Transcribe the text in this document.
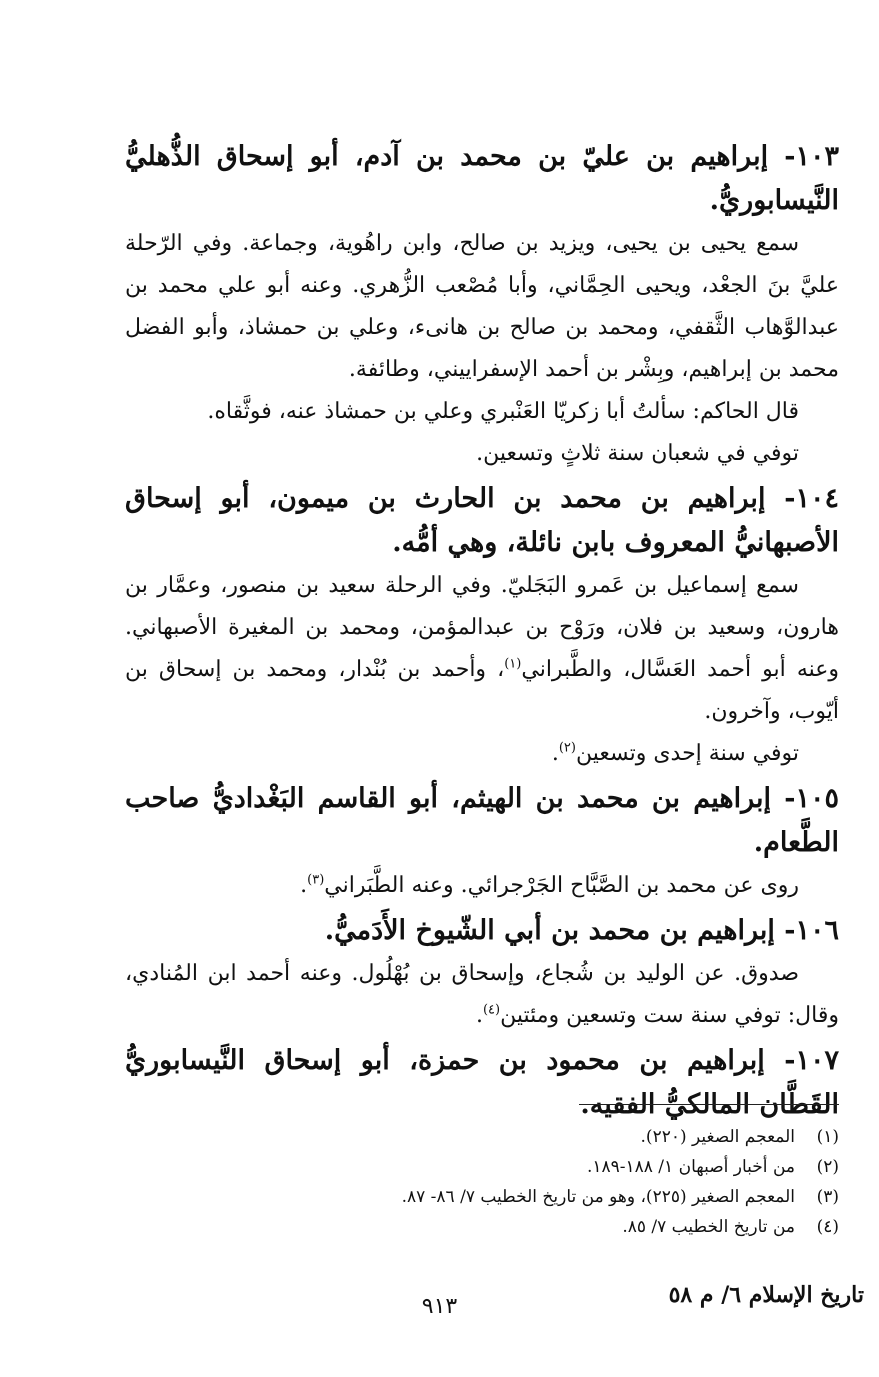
١٠٣- إبراهيم بن عليّ بن محمد بن آدم، أبو إسحاق الذُّهليُّ النَّيسابوريُّ.

سمع يحيى بن يحيى، ويزيد بن صالح، وابن راهُوية، وجماعة. وفي الرّحلة عليَّ بنَ الجعْد، ويحيى الحِمَّاني، وأبا مُصْعب الزُّهري. وعنه أبو علي محمد بن عبدالوَّهاب الثَّقفي، ومحمد بن صالح بن هانىء، وعلي بن حمشاذ، وأبو الفضل محمد بن إبراهيم، وبِشْر بن أحمد الإسفراييني، وطائفة.

قال الحاكم: سألتُ أبا زكريّا العَنْبري وعلي بن حمشاذ عنه، فوثَّقاه.

توفي في شعبان سنة ثلاثٍ وتسعين.

١٠٤- إبراهيم بن محمد بن الحارث بن ميمون، أبو إسحاق الأصبهانيُّ المعروف بابن نائلة، وهي أمُّه.

سمع إسماعيل بن عَمرو البَجَليّ. وفي الرحلة سعيد بن منصور، وعمَّار بن هارون، وسعيد بن فلان، ورَوْح بن عبدالمؤمن، ومحمد بن المغيرة الأصبهاني. وعنه أبو أحمد العَسَّال، والطَّبراني$^{(١)}$، وأحمد بن بُنْدار، ومحمد بن إسحاق بن أيّوب، وآخرون.

توفي سنة إحدى وتسعين$^{(٢)}$.

١٠٥- إبراهيم بن محمد بن الهيثم، أبو القاسم البَغْداديُّ صاحب الطَّعام.

روى عن محمد بن الصَّبَّاح الجَرْجرائي. وعنه الطَّبَراني$^{(٣)}$.

١٠٦- إبراهيم بن محمد بن أبي الشّيوخ الأَدَميُّ.

صدوق. عن الوليد بن شُجاع، وإسحاق بن بُهْلُول. وعنه أحمد ابن المُنادي، وقال: توفي سنة ست وتسعين ومئتين$^{(٤)}$.

١٠٧- إبراهيم بن محمود بن حمزة، أبو إسحاق النَّيسابوريُّ القَطَّان المالكيُّ الفقيه.

(١)
المعجم الصغير (٢٢٠).

(٢)
من أخبار أصبهان ١/ ١٨٨-١٨٩.

(٣)
المعجم الصغير (٢٢٥)، وهو من تاريخ الخطيب ٧/ ٨٦- ٨٧.

(٤)
من تاريخ الخطيب ٧/ ٨٥.

تاريخ الإسلام ٦/ م ٥٨
٩١٣
